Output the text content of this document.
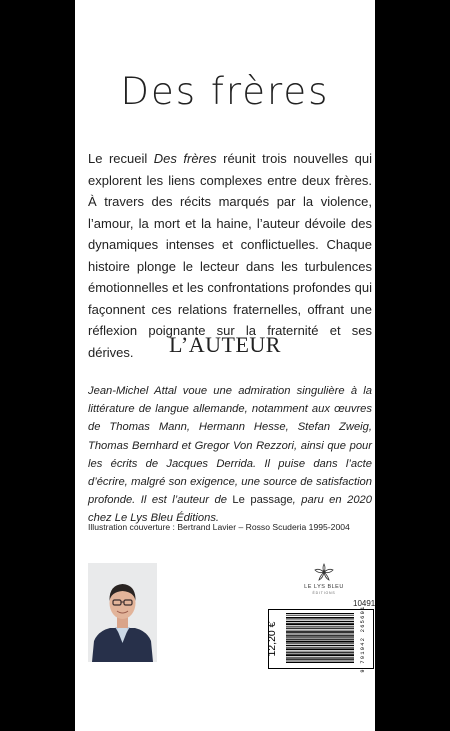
Des frères
Le recueil Des frères réunit trois nouvelles qui explorent les liens complexes entre deux frères. À travers des récits marqués par la violence, l’amour, la mort et la haine, l’auteur dévoile des dynamiques intenses et conflictuelles. Chaque histoire plonge le lecteur dans les turbulences émotionnelles et les confrontations profondes qui façonnent ces relations fraternelles, offrant une réflexion poignante sur la fraternité et ses dérives.	L’AUTEUR
Jean-Michel Attal voue une admiration singulière à la littérature de langue allemande, notamment aux œuvres de Thomas Mann, Hermann Hesse, Stefan Zweig, Thomas Bernhard et Gregor Von Rezzori, ainsi que pour les écrits de Jacques Derrida. Il puise dans l’acte d’écrire, malgré son exigence, une source de satisfaction profonde. Il est l’auteur de Le passage, paru en 2020 chez Le Lys Bleu Éditions.
Illustration couverture : Bertrand Lavier – Rosso Scuderia 1995-2004
LE LYS BLEU
ÉDITIONS
10491
12,20 €	9 791042 265601
